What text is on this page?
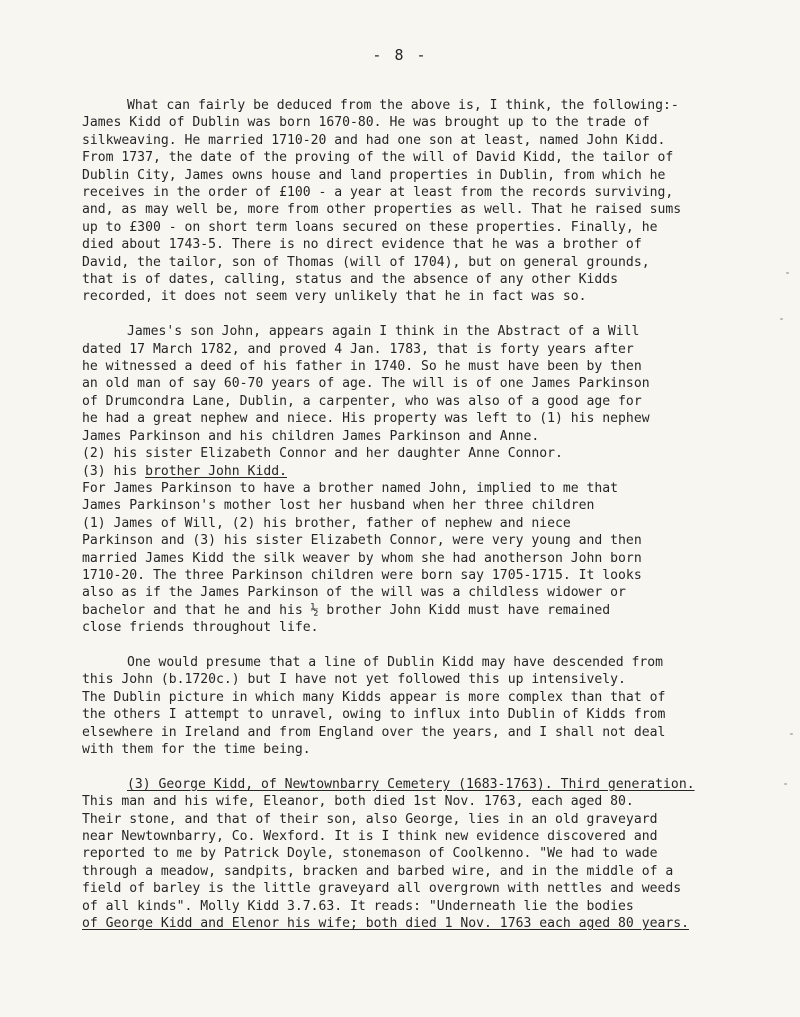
- 8 -
What can fairly be deduced from the above is, I think, the following:-
James Kidd of Dublin was born 1670-80. He was brought up to the trade of
silkweaving. He married 1710-20 and had one son at least, named John Kidd.
From 1737, the date of the proving of the will of David Kidd, the tailor of
Dublin City, James owns house and land properties in Dublin, from which he
receives in the order of £100 - a year at least from the records surviving,
and, as may well be, more from other properties as well. That he raised sums
up to £300 - on short term loans secured on these properties. Finally, he
died about 1743-5. There is no direct evidence that he was a brother of
David, the tailor, son of Thomas (will of 1704), but on general grounds,
that is of dates, calling, status and the absence of any other Kidds
recorded, it does not seem very unlikely that he in fact was so.
James's son John, appears again I think in the Abstract of a Will
dated 17 March 1782, and proved 4 Jan. 1783, that is forty years after
he witnessed a deed of his father in 1740. So he must have been by then
an old man of say 60-70 years of age. The will is of one James Parkinson
of Drumcondra Lane, Dublin, a carpenter, who was also of a good age for
he had a great nephew and niece. His property was left to (1) his nephew
James Parkinson and his children James Parkinson and Anne.
(2) his sister Elizabeth Connor and her daughter Anne Connor.
(3) his brother John Kidd.
For James Parkinson to have a brother named John, implied to me that
James Parkinson's mother lost her husband when her three children
(1) James of Will, (2) his brother, father of nephew and niece
Parkinson and (3) his sister Elizabeth Connor, were very young and then
married James Kidd the silk weaver by whom she had anotherson John born
1710-20. The three Parkinson children were born say 1705-1715. It looks
also as if the James Parkinson of the will was a childless widower or
bachelor and that he and his ½ brother John Kidd must have remained
close friends throughout life.
One would presume that a line of Dublin Kidd may have descended from
this John (b.1720c.) but I have not yet followed this up intensively.
The Dublin picture in which many Kidds appear is more complex than that of
the others I attempt to unravel, owing to influx into Dublin of Kidds from
elsewhere in Ireland and from England over the years, and I shall not deal
with them for the time being.
(3) George Kidd, of Newtownbarry Cemetery (1683-1763). Third generation.
This man and his wife, Eleanor, both died 1st Nov. 1763, each aged 80.
Their stone, and that of their son, also George, lies in an old graveyard
near Newtownbarry, Co. Wexford. It is I think new evidence discovered and
reported to me by Patrick Doyle, stonemason of Coolkenno. "We had to wade
through a meadow, sandpits, bracken and barbed wire, and in the middle of a
field of barley is the little graveyard all overgrown with nettles and weeds
of all kinds". Molly Kidd 3.7.63. It reads: "Underneath lie the bodies
of George Kidd and Elenor his wife; both died 1 Nov. 1763 each aged 80 years.
